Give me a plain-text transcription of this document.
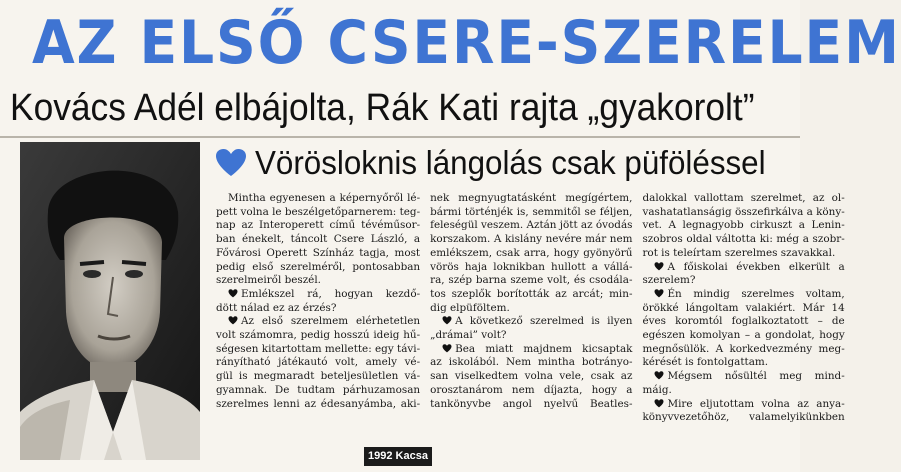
AZ ELSŐ CSERE-SZERELEM
Kovács Adél elbájolta, Rák Kati rajta „gyakorolt”
Vörösloknis lángolás csak püföléssel
Mintha egyenesen a képernyőről lé-
pett volna le beszélgetőparnerem: teg-
nap az Interoperett című tévéműsor-
ban énekelt, táncolt Csere László, a
Fővárosi Operett Színház tagja, most
pedig első szerelméről, pontosabban
szerelmeiről beszél.
Emlékszel rá, hogyan kezdő-
dött nálad ez az érzés?
Az első szerelmem elérhetetlen
volt számomra, pedig hosszú ideig hű-
ségesen kitartottam mellette: egy távi-
rányítható játékautó volt, amely vé-
gül is megmaradt beteljesületlen vá-
gyamnak. De tudtam párhuzamosan
szerelmes lenni az édesanyámba, aki-
nek megnyugtatásként megígértem,
bármi történjék is, semmitől se féljen,
feleségül veszem. Aztán jött az óvodás
korszakom. A kislány nevére már nem
emlékszem, csak arra, hogy gyönyörű
vörös haja loknikban hullott a vállá-
ra, szép barna szeme volt, és csodála-
tos szeplők borították az arcát; min-
dig elpüföltem.
A következő szerelmed is ilyen
„drámai” volt?
Bea miatt majdnem kicsaptak
az iskolából. Nem mintha botrányo-
san viselkedtem volna vele, csak az
orosztanárom nem díjazta, hogy a
tankönyvbe angol nyelvű Beatles-
dalokkal vallottam szerelmet, az ol-
vashatatlanságig összefirkálva a köny-
vet. A legnagyobb cirkuszt a Lenin-
szobros oldal váltotta ki: még a szobr-
rot is teleírtam szerelmes szavakkal.
A főiskolai években elkerült a
szerelem?
Én mindig szerelmes voltam,
örökké lángoltam valakiért. Már 14
éves koromtól foglalkoztatott – de
egészen komolyan – a gondolat, hogy
megnősülök. A korkedvezmény meg-
kérését is fontolgattam.
Mégsem nősültél meg mind-
máig.
Mire eljutottam volna az anya-
könyvvezetőhöz, valamelyikünkben
1992 Kacsa
